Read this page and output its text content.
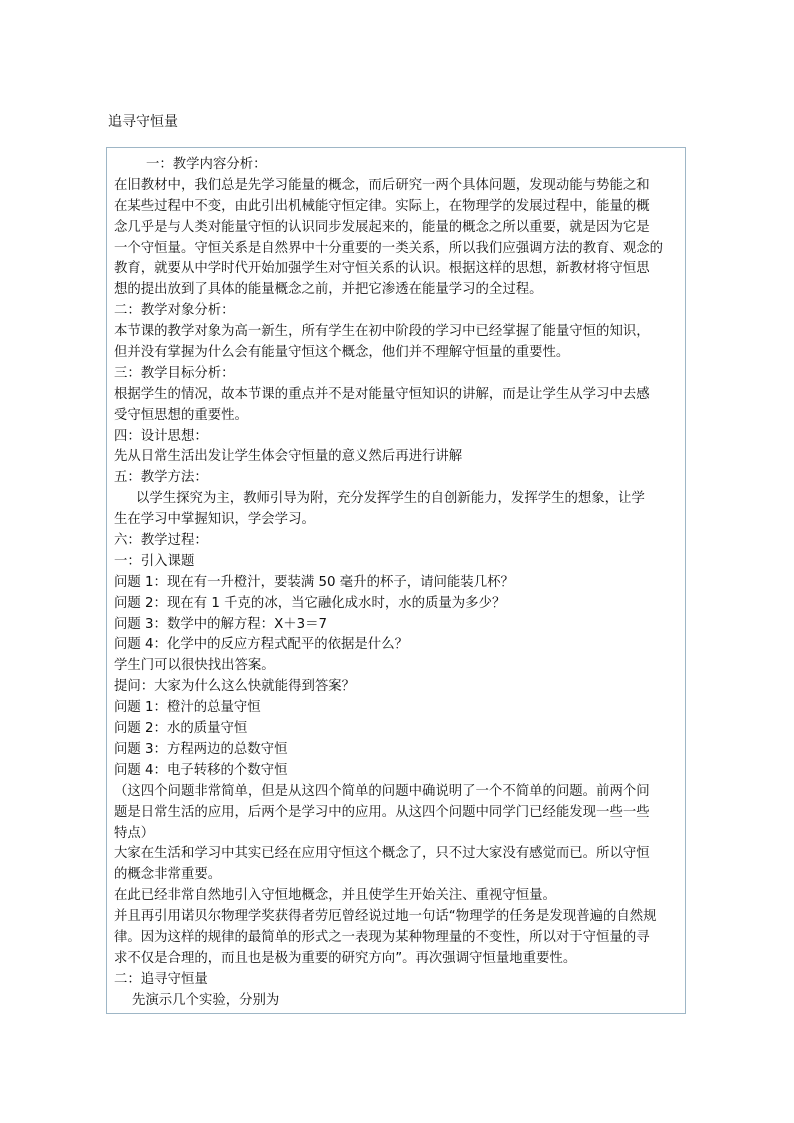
追寻守恒量
一：教学内容分析：
在旧教材中，我们总是先学习能量的概念，而后研究一两个具体问题，发现动能与势能之和
在某些过程中不变，由此引出机械能守恒定律。实际上，在物理学的发展过程中，能量的概
念几乎是与人类对能量守恒的认识同步发展起来的，能量的概念之所以重要，就是因为它是
一个守恒量。守恒关系是自然界中十分重要的一类关系，所以我们应强调方法的教育、观念的
教育，就要从中学时代开始加强学生对守恒关系的认识。根据这样的思想，新教材将守恒思
想的提出放到了具体的能量概念之前，并把它渗透在能量学习的全过程。
二：教学对象分析：
本节课的教学对象为高一新生，所有学生在初中阶段的学习中已经掌握了能量守恒的知识，
但并没有掌握为什么会有能量守恒这个概念，他们并不理解守恒量的重要性。
三：教学目标分析：
根据学生的情况，故本节课的重点并不是对能量守恒知识的讲解，而是让学生从学习中去感
受守恒思想的重要性。
四：设计思想：
先从日常生活出发让学生体会守恒量的意义然后再进行讲解
五：教学方法：
以学生探究为主，教师引导为附，充分发挥学生的自创新能力，发挥学生的想象，让学
生在学习中掌握知识，学会学习。
六：教学过程：
一：引入课题
问题 1：现在有一升橙汁，要装满 50 毫升的杯子，请问能装几杯？
问题 2：现在有 1 千克的冰，当它融化成水时，水的质量为多少？
问题 3：数学中的解方程：X＋3＝7
问题 4：化学中的反应方程式配平的依据是什么？
学生门可以很快找出答案。
提问：大家为什么这么快就能得到答案？
问题 1：橙汁的总量守恒
问题 2：水的质量守恒
问题 3：方程两边的总数守恒
问题 4：电子转移的个数守恒
（这四个问题非常简单，但是从这四个简单的问题中确说明了一个不简单的问题。前两个问
题是日常生活的应用，后两个是学习中的应用。从这四个问题中同学门已经能发现一些一些
特点）
大家在生活和学习中其实已经在应用守恒这个概念了，只不过大家没有感觉而已。所以守恒
的概念非常重要。
在此已经非常自然地引入守恒地概念，并且使学生开始关注、重视守恒量。
并且再引用诺贝尔物理学奖获得者劳厄曾经说过地一句话“物理学的任务是发现普遍的自然规
律。因为这样的规律的最简单的形式之一表现为某种物理量的不变性，所以对于守恒量的寻
求不仅是合理的，而且也是极为重要的研究方向”。再次强调守恒量地重要性。
二：追寻守恒量
先演示几个实验，分别为
